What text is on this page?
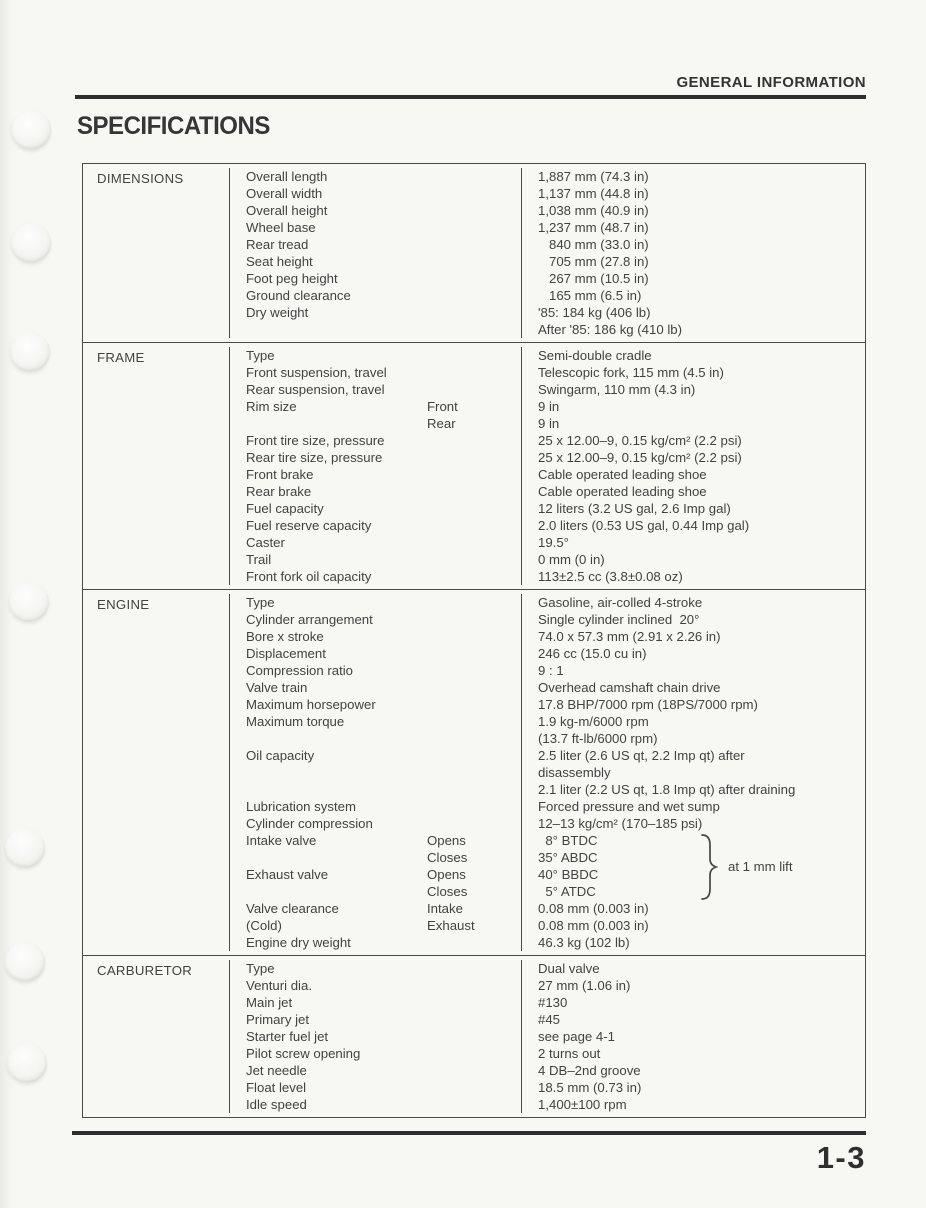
GENERAL INFORMATION
SPECIFICATIONS
DIMENSIONS	Overall length	1,887 mm (74.3 in)
Overall width	1,137 mm (44.8 in)
Overall height	1,038 mm (40.9 in)
Wheel base	1,237 mm (48.7 in)
Rear tread	840 mm (33.0 in)
Seat height	705 mm (27.8 in)
Foot peg height	267 mm (10.5 in)
Ground clearance	165 mm (6.5 in)
Dry weight	'85: 184 kg (406 lb)
After '85: 186 kg (410 lb)
FRAME	Type	Semi-double cradle
Front suspension, travel	Telescopic fork, 115 mm (4.5 in)
Rear suspension, travel	Swingarm, 110 mm (4.3 in)
Rim size	Front	9 in
Rear	9 in
Front tire size, pressure	25 x 12.00–9, 0.15 kg/cm² (2.2 psi)
Rear tire size, pressure	25 x 12.00–9, 0.15 kg/cm² (2.2 psi)
Front brake	Cable operated leading shoe
Rear brake	Cable operated leading shoe
Fuel capacity	12 liters (3.2 US gal, 2.6 Imp gal)
Fuel reserve capacity	2.0 liters (0.53 US gal, 0.44 Imp gal)
Caster	19.5°
Trail	0 mm (0 in)
Front fork oil capacity	113±2.5 cc (3.8±0.08 oz)
ENGINE	Type	Gasoline, air-colled 4-stroke
Cylinder arrangement	Single cylinder inclined  20°
Bore x stroke	74.0 x 57.3 mm (2.91 x 2.26 in)
Displacement	246 cc (15.0 cu in)
Compression ratio	9 : 1
Valve train	Overhead camshaft chain drive
Maximum horsepower	17.8 BHP/7000 rpm (18PS/7000 rpm)
Maximum torque	1.9 kg-m/6000 rpm
(13.7 ft-lb/6000 rpm)
Oil capacity	2.5 liter (2.6 US qt, 2.2 Imp qt) after
disassembly
2.1 liter (2.2 US qt, 1.8 Imp qt) after draining
Lubrication system	Forced pressure and wet sump
Cylinder compression	12–13 kg/cm² (170–185 psi)
Intake valve	Opens	8° BTDC
Closes	35° ABDC
Exhaust valve	Opens	40° BBDC
Closes	5° ATDC
Valve clearance	Intake	0.08 mm (0.003 in)
(Cold)	Exhaust	0.08 mm (0.003 in)
Engine dry weight	46.3 kg (102 lb)
CARBURETOR	Type	Dual valve
Venturi dia.	27 mm (1.06 in)
Main jet	#130
Primary jet	#45
Starter fuel jet	see page 4-1
Pilot screw opening	2 turns out
Jet needle	4 DB–2nd groove
Float level	18.5 mm (0.73 in)
Idle speed	1,400±100 rpm
at 1 mm lift
1-3
